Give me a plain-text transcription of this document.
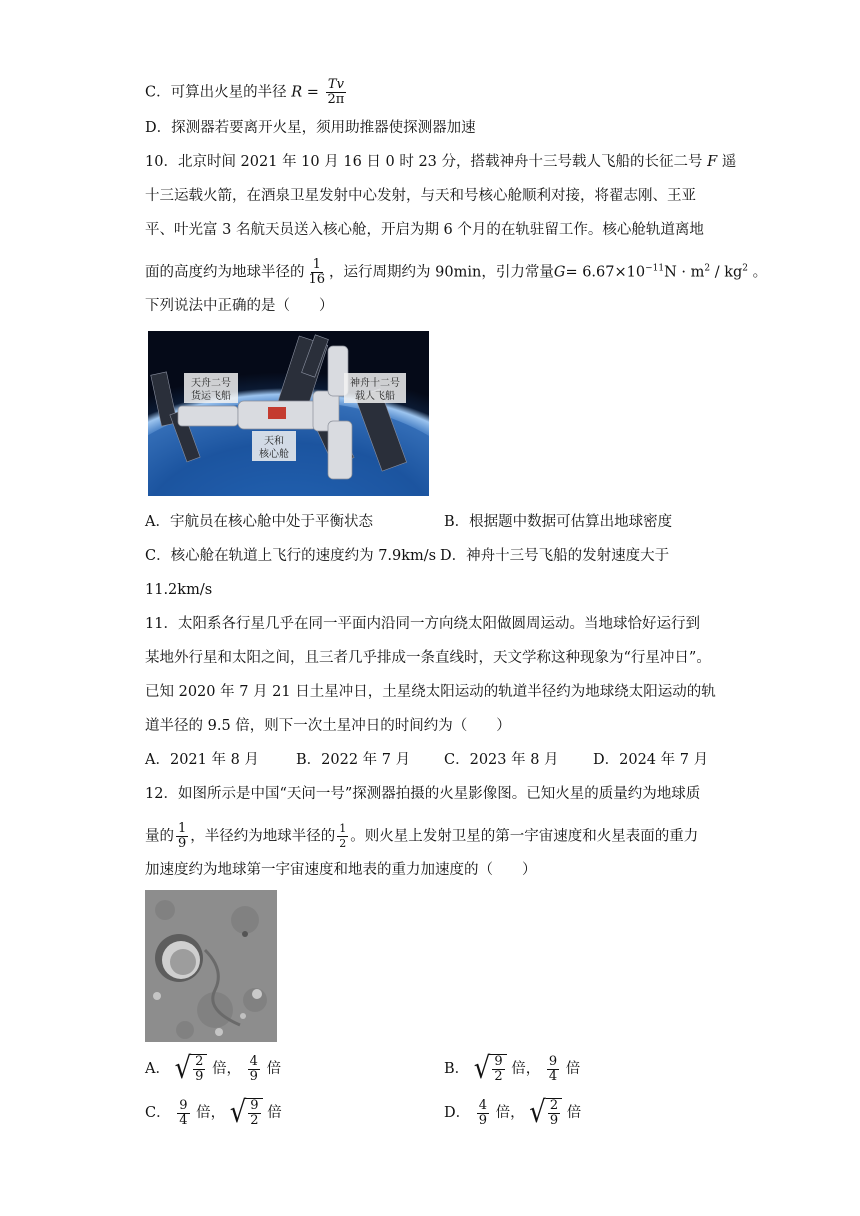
C．可算出火星的半径 $R = \frac{Tv}{2\pi}$
D．探测器若要离开火星，须用助推器使探测器加速
10．北京时间 2021 年 10 月 16 日 0 时 23 分，搭载神舟十三号载人飞船的长征二号 F 遥
十三运载火箭，在酒泉卫星发射中心发射，与天和号核心舱顺利对接，将翟志刚、王亚
平、叶光富 3 名航天员送入核心舱，开启为期 6 个月的在轨驻留工作。核心舱轨道离地
面的高度约为地球半径的 $\frac{1}{16}$ ，运行周期约为 90min，引力常量$G= 6.67\times 10^{-11}N \cdot m^2 / kg^2$ 。
下列说法中正确的是（　　）
天舟二号
货运飞船
神舟十二号
载人飞船
天和
核心舱
A．宇航员在核心舱中处于平衡状态	B．根据题中数据可估算出地球密度
C．核心舱在轨道上飞行的速度约为 7.9km/s D．神舟十三号飞船的发射速度大于
11.2km/s
11．太阳系各行星几乎在同一平面内沿同一方向绕太阳做圆周运动。当地球恰好运行到
某地外行星和太阳之间，且三者几乎排成一条直线时，天文学称这种现象为“行星冲日”。
已知 2020 年 7 月 21 日土星冲日，土星绕太阳运动的轨道半径约为地球绕太阳运动的轨
道半径的 9.5 倍，则下一次土星冲日的时间约为（　　）
A．2021 年 8 月	B．2022 年 7 月 C．2023 年 8 月 D．2024 年 7 月
12．如图所示是中国“天问一号”探测器拍摄的火星影像图。已知火星的质量约为地球质
量的 $\frac{1}{9}$ ，半径约为地球半径的 $\frac{1}{2}$ 。则火星上发射卫星的第一宇宙速度和火星表面的重力
加速度约为地球第一宇宙速度和地表的重力加速度的（　　）
A． √ $\frac{2}{9}$ 倍， $\frac{4}{9}$ 倍	B． √ $\frac{9}{2}$ 倍， $\frac{9}{4}$ 倍
C． $\frac{9}{4}$ 倍， √ $\frac{9}{2}$ 倍	D． $\frac{4}{9}$ 倍， √ $\frac{2}{9}$ 倍
